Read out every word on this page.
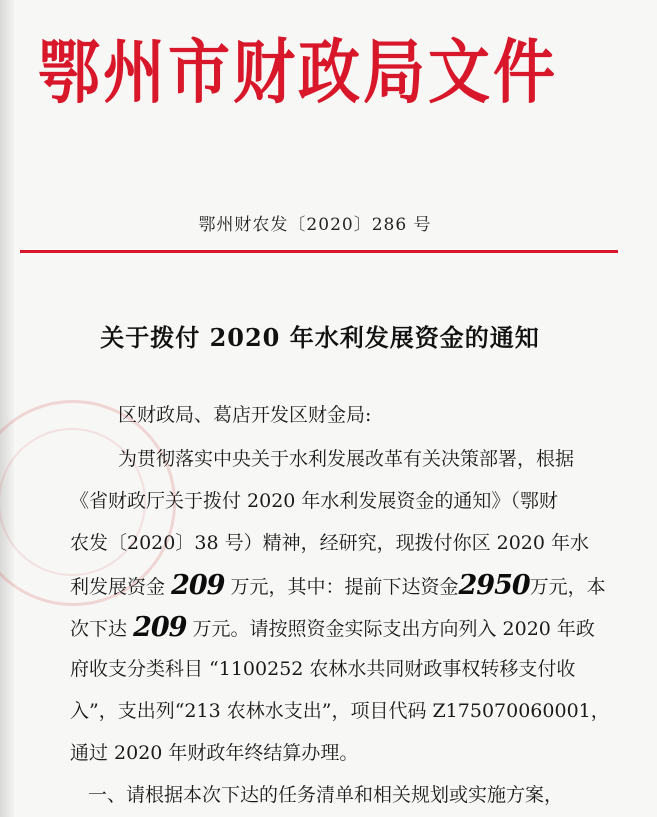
鄂州市财政局文件
鄂州财农发〔2020〕286 号
关于拨付 2020 年水利发展资金的通知
区财政局、葛店开发区财金局:
为贯彻落实中央关于水利发展改革有关决策部署，根据
《省财政厅关于拨付 2020 年水利发展资金的通知》（鄂财
农发〔2020〕38 号）精神，经研究，现拨付你区 2020 年水
利发展资金 209 万元，其中：提前下达资金2950万元，本
次下达 209 万元。请按照资金实际支出方向列入 2020 年政
府收支分类科目 “1100252 农林水共同财政事权转移支付收
入”，支出列“213 农林水支出”，项目代码 Z175070060001，
通过 2020 年财政年终结算办理。
一、请根据本次下达的任务清单和相关规划或实施方案，
